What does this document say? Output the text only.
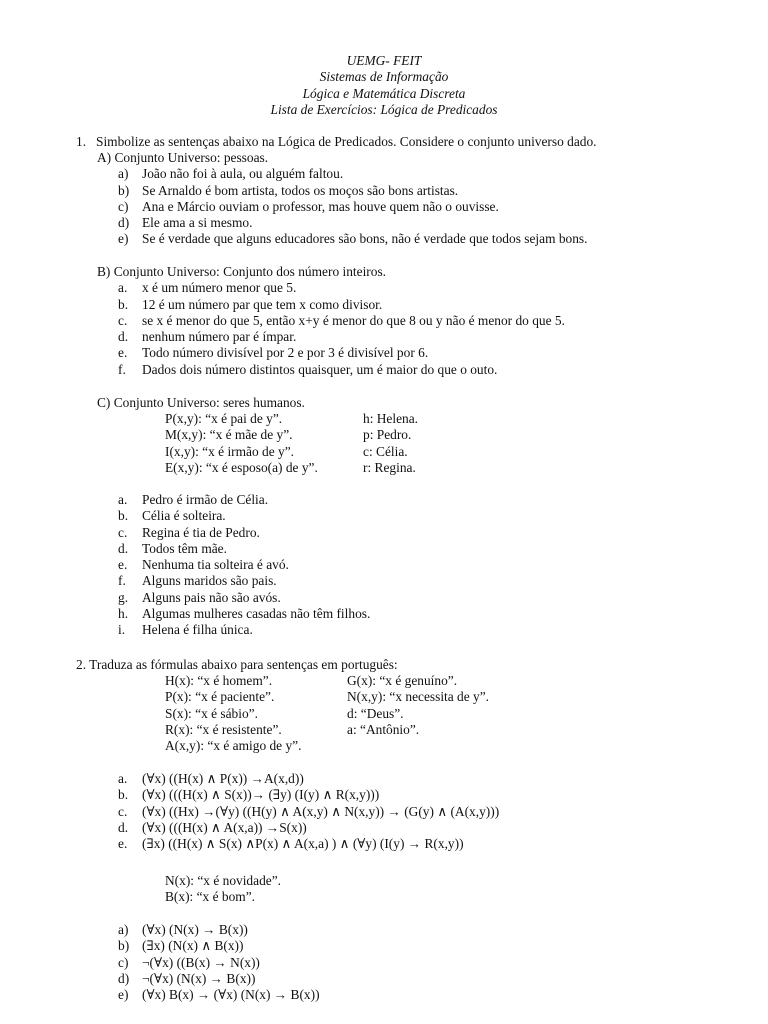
UEMG- FEIT
Sistemas de Informação
Lógica e Matemática Discreta
Lista de Exercícios: Lógica de Predicados
1. Simbolize as sentenças abaixo na Lógica de Predicados. Considere o conjunto universo dado.
A) Conjunto Universo: pessoas.
a) João não foi à aula, ou alguém faltou.
b) Se Arnaldo é bom artista, todos os moços são bons artistas.
c) Ana e Márcio ouviam o professor, mas houve quem não o ouvisse.
d) Ele ama a si mesmo.
e) Se é verdade que alguns educadores são bons, não é verdade que todos sejam bons.
B) Conjunto Universo: Conjunto dos número inteiros.
a. x é um número menor que 5.
b. 12 é um número par que tem x como divisor.
c. se x é menor do que 5, então x+y é menor do que 8 ou y não é menor do que 5.
d. nenhum número par é ímpar.
e. Todo número divisível por 2 e por 3 é divisível por 6.
f. Dados dois número distintos quaisquer, um é maior do que o outo.
C) Conjunto Universo: seres humanos.
P(x,y): “x é pai de y”.	h: Helena.
M(x,y): “x é mãe de y”.	p: Pedro.
I(x,y): “x é irmão de y”.	c: Célia.
E(x,y): “x é esposo(a) de y”.	r: Regina.
a. Pedro é irmão de Célia.
b. Célia é solteira.
c. Regina é tia de Pedro.
d. Todos têm mãe.
e. Nenhuma tia solteira é avó.
f. Alguns maridos são pais.
g. Alguns pais não são avós.
h. Algumas mulheres casadas não têm filhos.
i. Helena é filha única.
2. Traduza as fórmulas abaixo para sentenças em português:
H(x): “x é homem”.	G(x): “x é genuíno”.
P(x): “x é paciente”.	N(x,y): “x necessita de y”.
S(x): “x é sábio”.	d: “Deus”.
R(x): “x é resistente”.	a: “Antônio”.
A(x,y): “x é amigo de y”.
a. (∀x) ((H(x) ∧ P(x)) →A(x,d))
b. (∀x) (((H(x) ∧ S(x))→ (∃y) (I(y) ∧ R(x,y)))
c. (∀x) ((Hx) →(∀y) ((H(y) ∧ A(x,y) ∧ N(x,y)) → (G(y) ∧ (A(x,y)))
d. (∀x) (((H(x) ∧ A(x,a)) →S(x))
e. (∃x) ((H(x) ∧ S(x) ∧P(x) ∧ A(x,a) ) ∧ (∀y) (I(y) → R(x,y))
N(x): “x é novidade”.
B(x): “x é bom”.
a) (∀x) (N(x) → B(x))
b) (∃x) (N(x) ∧ B(x))
c) ¬(∀x) ((B(x) → N(x))
d) ¬(∀x) (N(x) → B(x))
e) (∀x) B(x) → (∀x) (N(x) → B(x))
